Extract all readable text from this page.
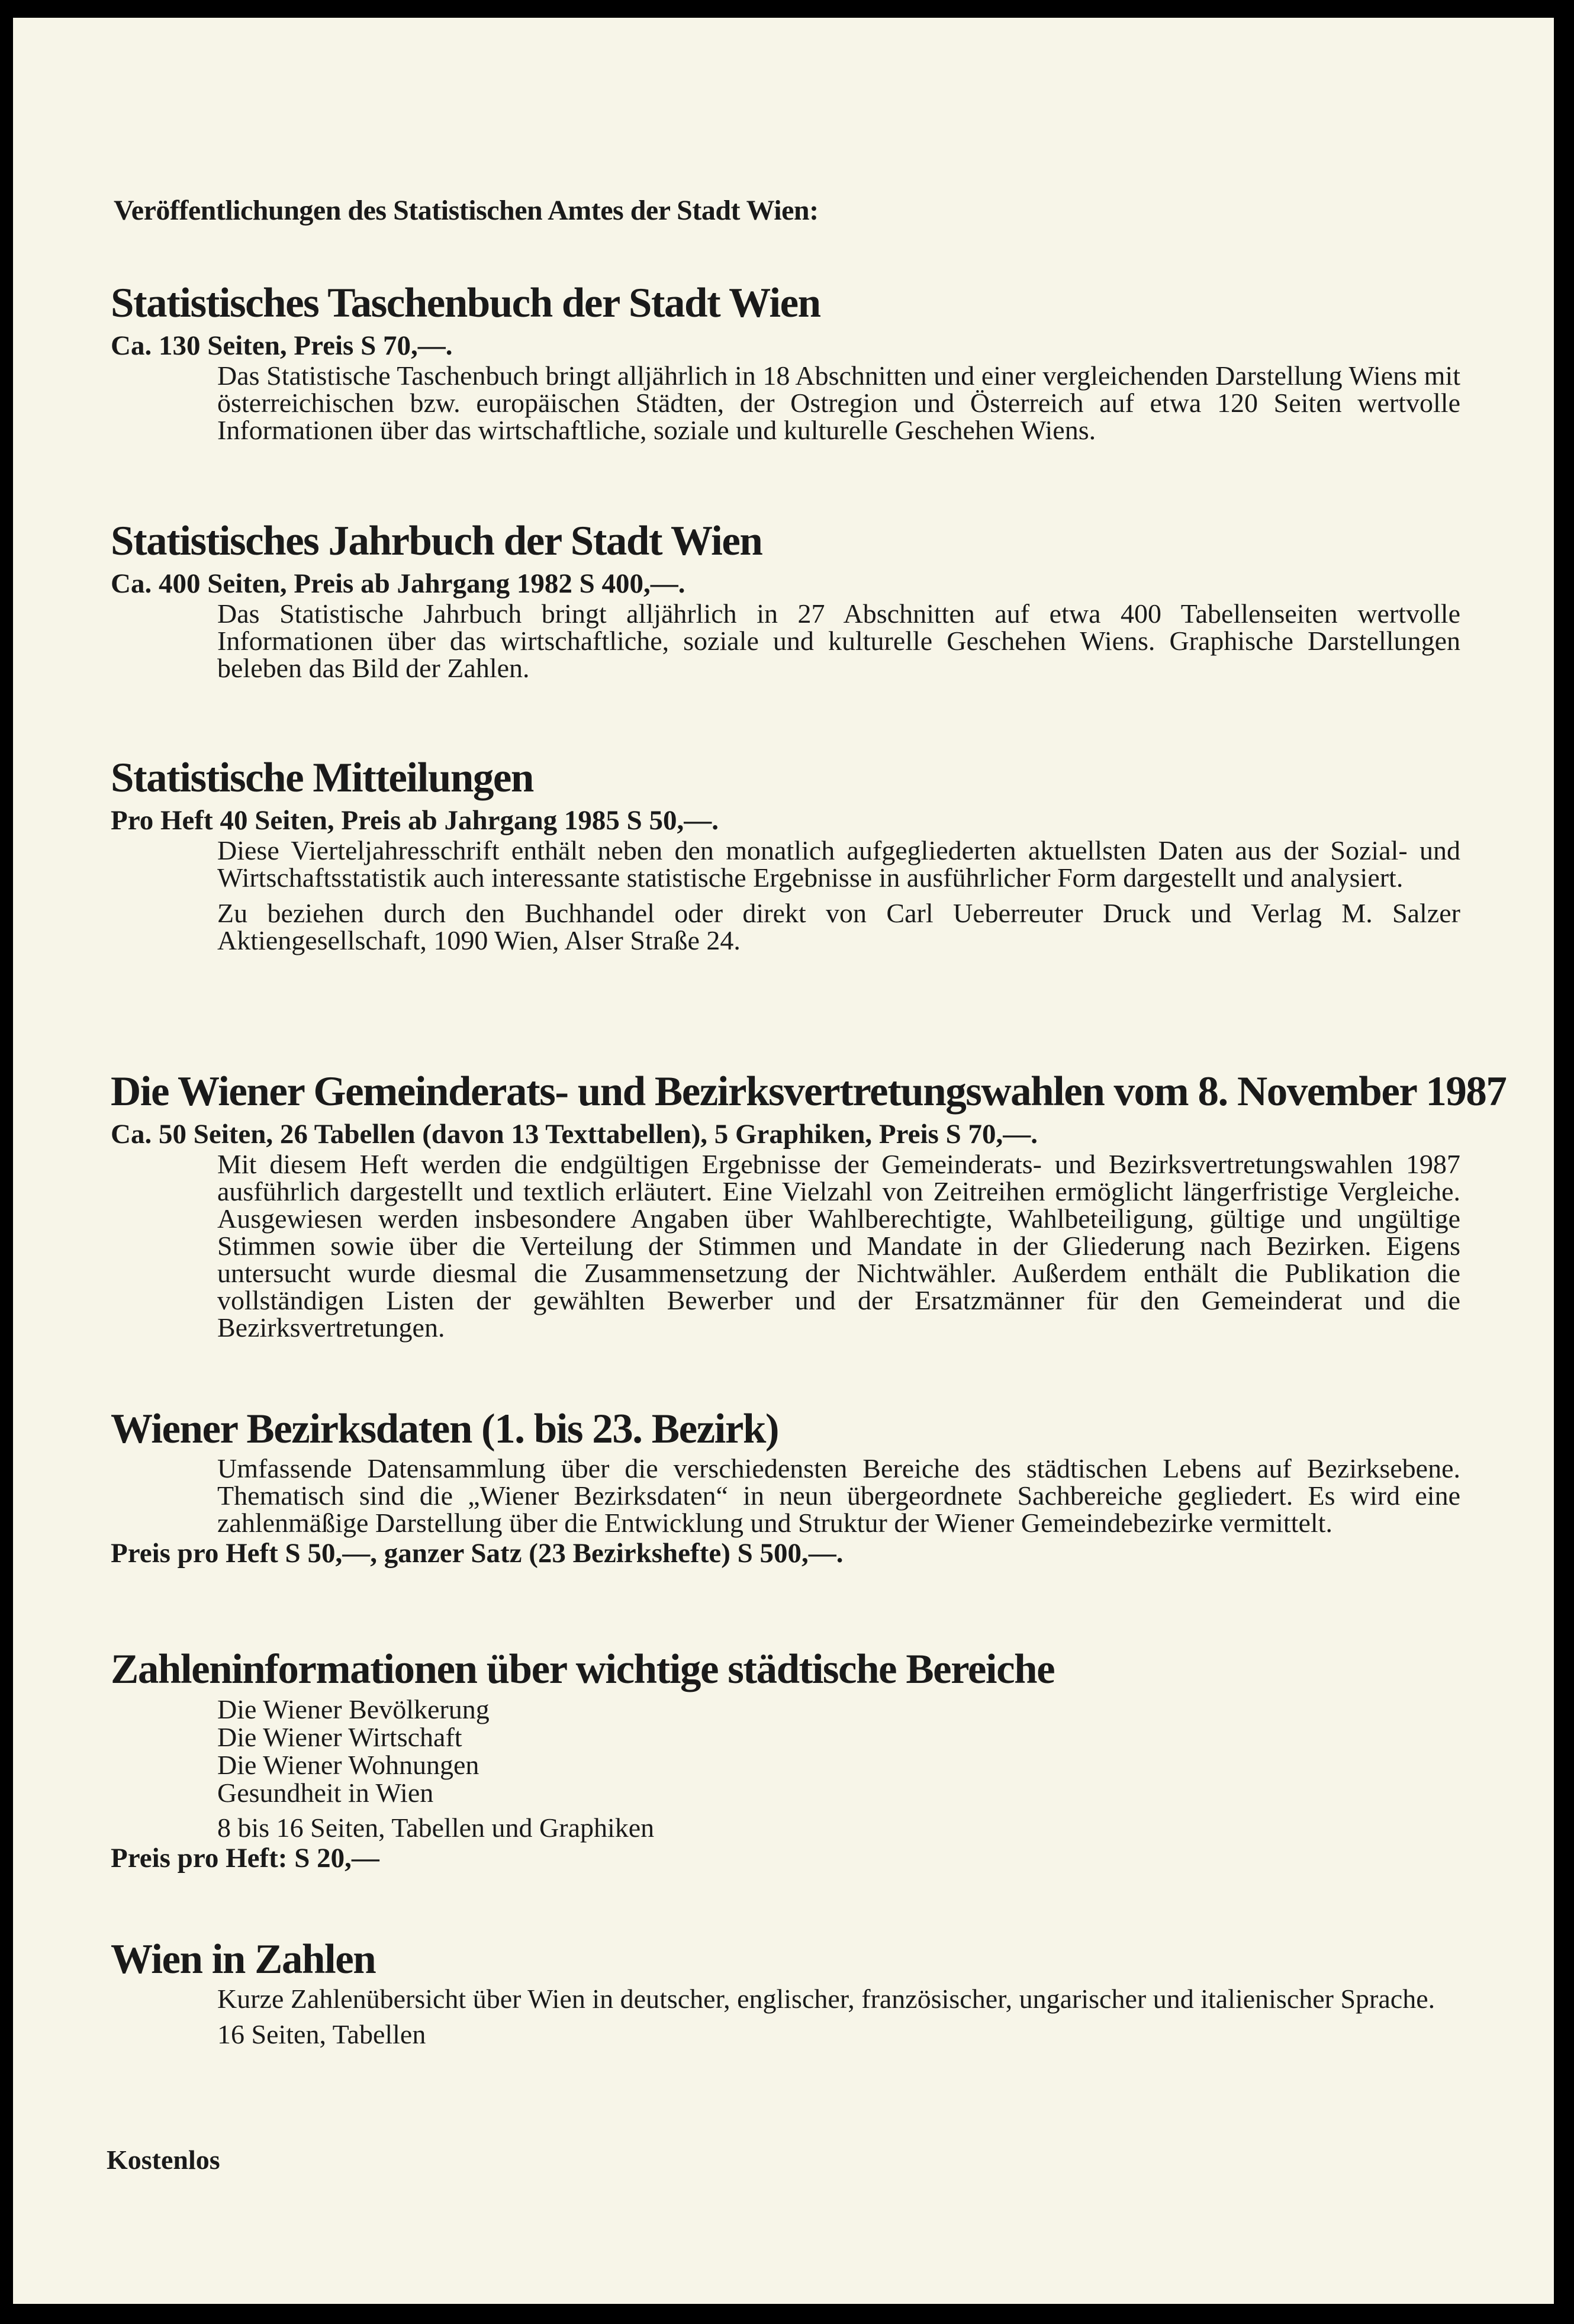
Veröffentlichungen des Statistischen Amtes der Stadt Wien:
Statistisches Taschenbuch der Stadt Wien
Ca. 130 Seiten, Preis S 70,—.

Das Statistische Taschenbuch bringt alljährlich in 18 Abschnitten und einer vergleichenden Darstellung Wiens mit österreichischen bzw. europäischen Städten, der Ostregion und Österreich auf etwa 120 Seiten wertvolle Informationen über das wirtschaftliche, soziale und kulturelle Geschehen Wiens.

Statistisches Jahrbuch der Stadt Wien
Ca. 400 Seiten, Preis ab Jahrgang 1982 S 400,—.

Das Statistische Jahrbuch bringt alljährlich in 27 Abschnitten auf etwa 400 Tabellenseiten wertvolle Informationen über das wirtschaftliche, soziale und kulturelle Geschehen Wiens. Graphische Darstellungen beleben das Bild der Zahlen.

Statistische Mitteilungen
Pro Heft 40 Seiten, Preis ab Jahrgang 1985 S 50,—.

Diese Vierteljahresschrift enthält neben den monatlich aufgegliederten aktuellsten Daten aus der Sozial- und Wirtschaftsstatistik auch interessante statistische Ergebnisse in ausführlicher Form dargestellt und analysiert.

Zu beziehen durch den Buchhandel oder direkt von Carl Ueberreuter Druck und Verlag M. Salzer Aktiengesellschaft, 1090 Wien, Alser Straße 24.

Die Wiener Gemeinderats- und Bezirksvertretungswahlen vom 8. November 1987
Ca. 50 Seiten, 26 Tabellen (davon 13 Texttabellen), 5 Graphiken, Preis S 70,—.

Mit diesem Heft werden die endgültigen Ergebnisse der Gemeinderats- und Bezirksvertretungswahlen 1987 ausführlich dargestellt und textlich erläutert. Eine Vielzahl von Zeitreihen ermöglicht längerfristige Vergleiche. Ausgewiesen werden insbesondere Angaben über Wahlberechtigte, Wahlbeteiligung, gültige und ungültige Stimmen sowie über die Verteilung der Stimmen und Mandate in der Gliederung nach Bezirken. Eigens untersucht wurde diesmal die Zusammensetzung der Nichtwähler. Außerdem enthält die Publikation die vollständigen Listen der gewählten Bewerber und der Ersatzmänner für den Gemeinderat und die Bezirksvertretungen.

Wiener Bezirksdaten (1. bis 23. Bezirk)

Umfassende Datensammlung über die verschiedensten Bereiche des städtischen Lebens auf Bezirksebene. Thematisch sind die „Wiener Bezirksdaten“ in neun übergeordnete Sachbereiche gegliedert. Es wird eine zahlenmäßige Darstellung über die Entwicklung und Struktur der Wiener Gemeindebezirke vermittelt.

Preis pro Heft S 50,—, ganzer Satz (23 Bezirkshefte) S 500,—.
Zahleninformationen über wichtige städtische Bereiche
Die Wiener Bevölkerung
Die Wiener Wirtschaft
Die Wiener Wohnungen
Gesundheit in Wien
8 bis 16 Seiten, Tabellen und Graphiken
Preis pro Heft: S 20,—
Wien in Zahlen

Kurze Zahlenübersicht über Wien in deutscher, englischer, französischer, ungarischer und italienischer Sprache.

16 Seiten, Tabellen

Kostenlos
